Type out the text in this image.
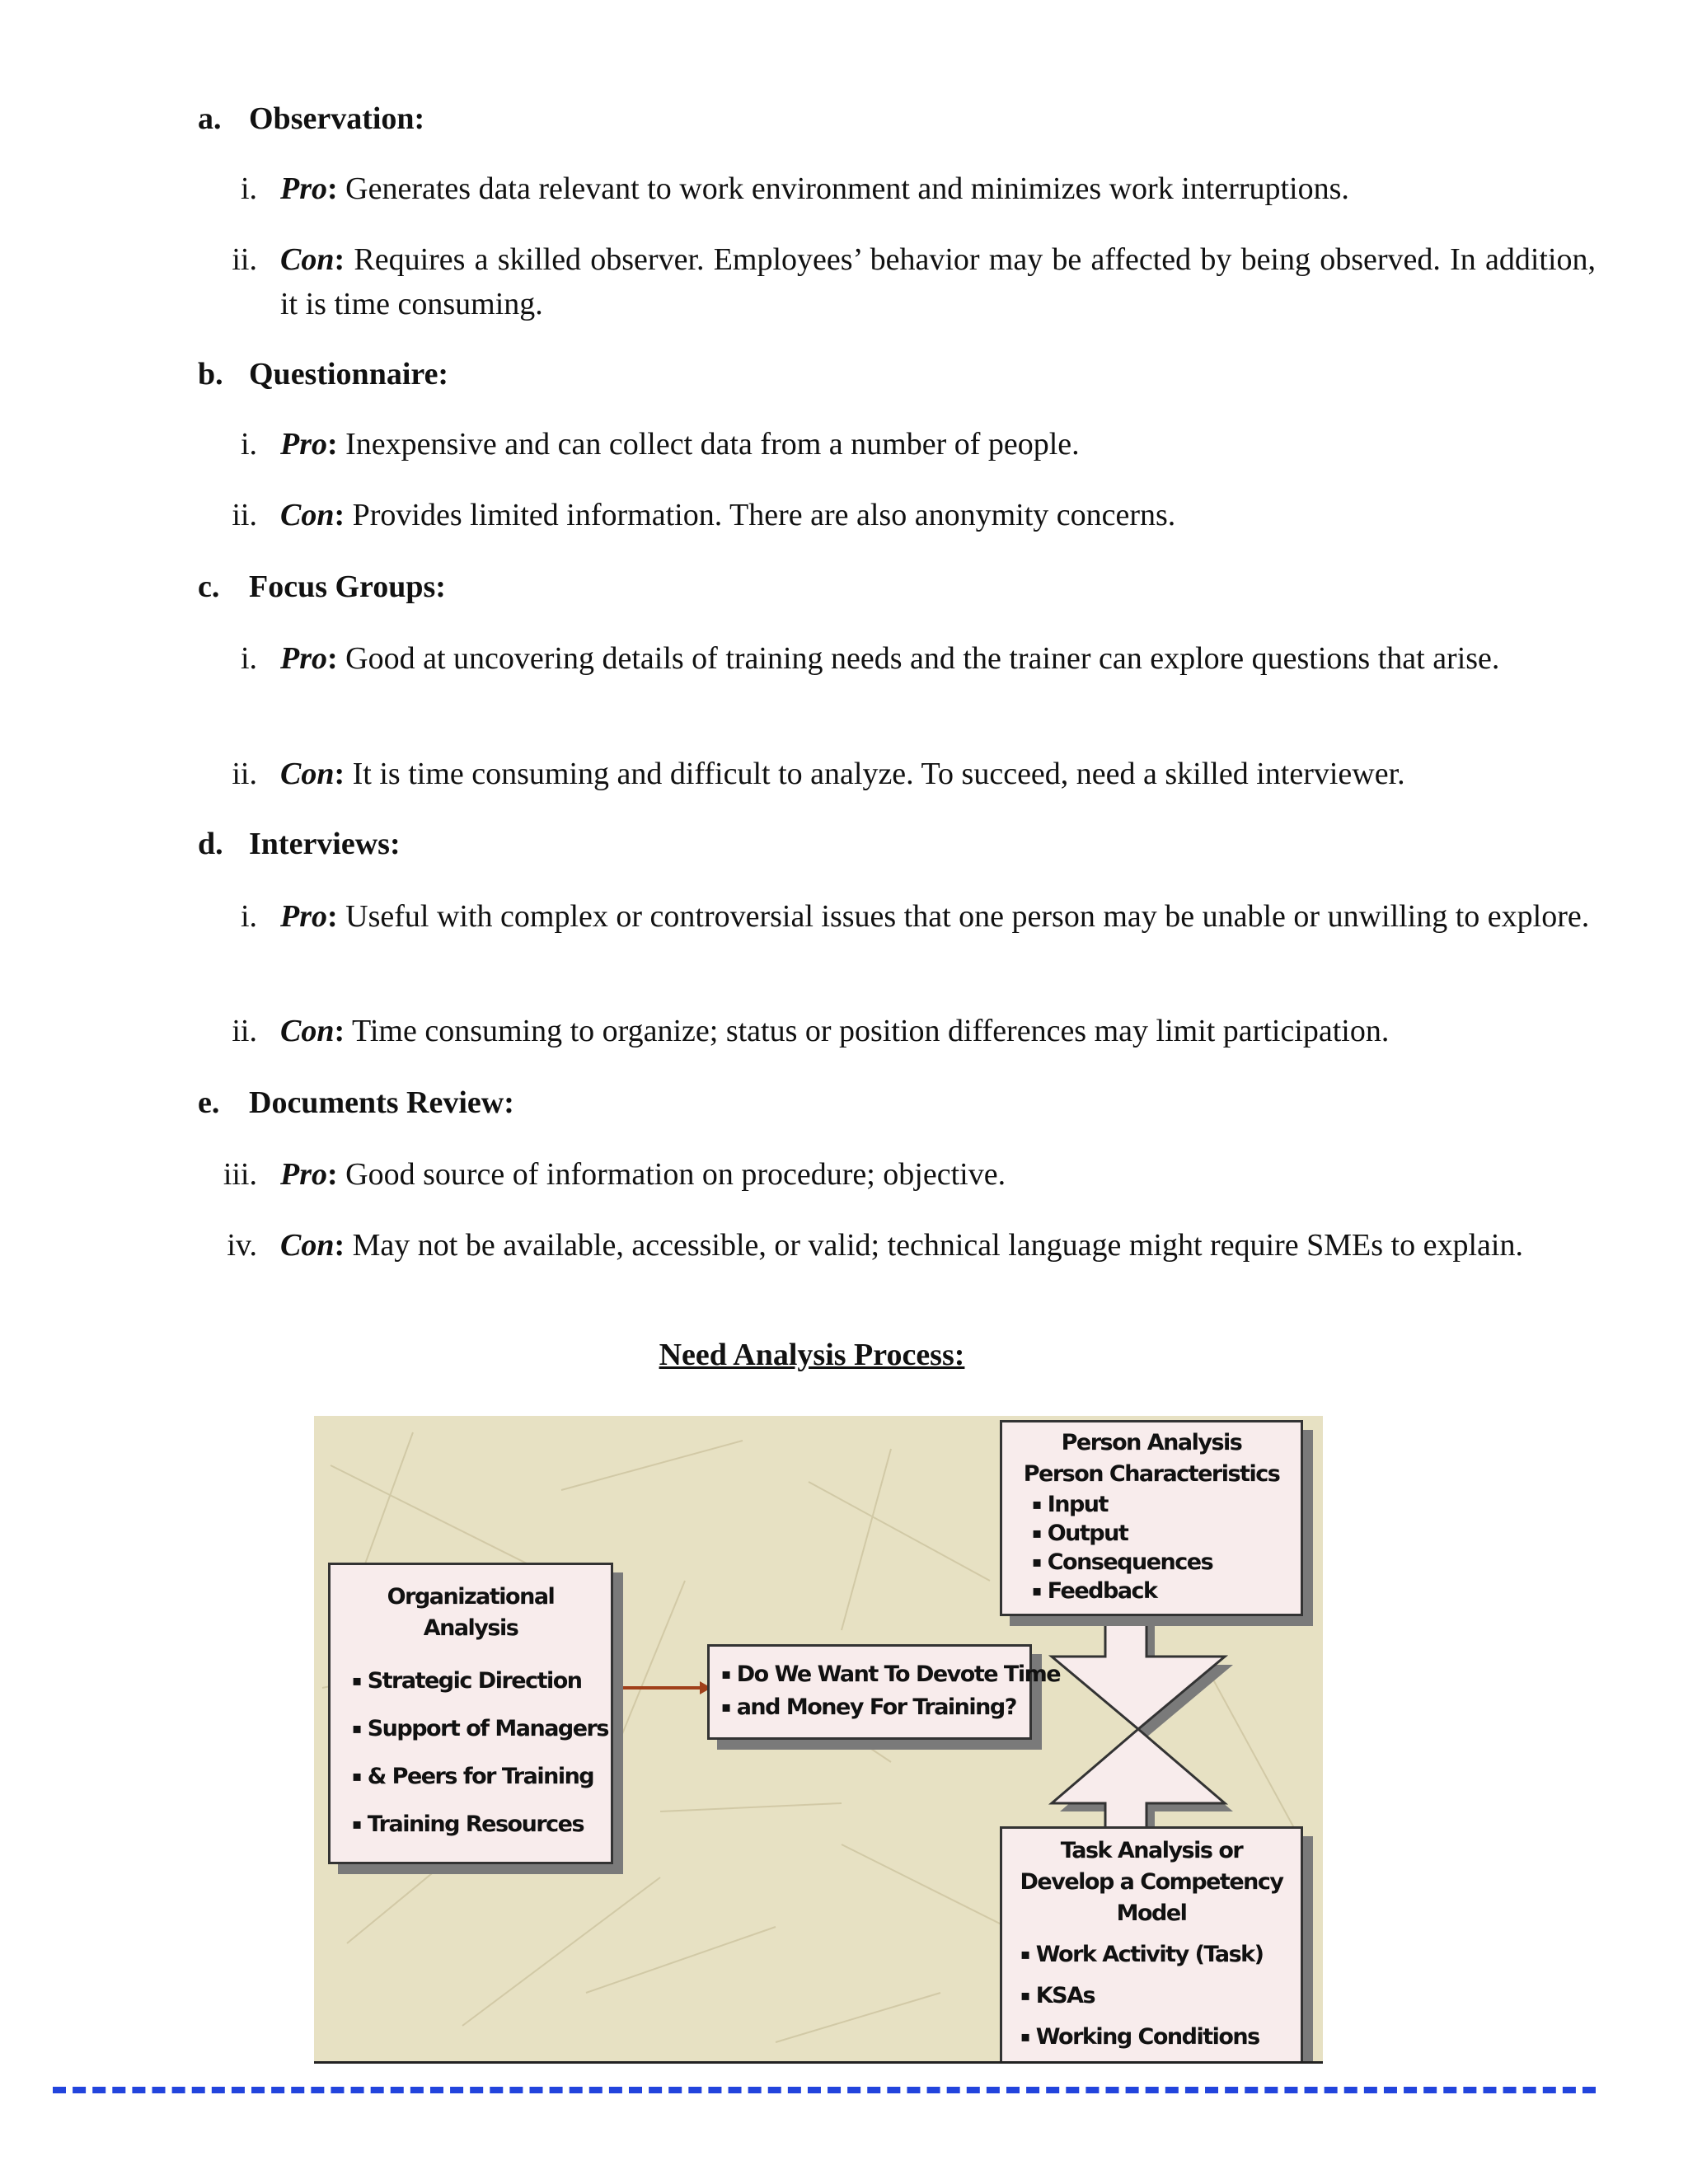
a. Observation:
i. Pro: Generates data relevant to work environment and minimizes work interruptions.
ii. Con: Requires a skilled observer. Employees’ behavior may be affected by being observed. In addition, it is time consuming.
b. Questionnaire:
i. Pro: Inexpensive and can collect data from a number of people.
ii. Con: Provides limited information. There are also anonymity concerns.
c. Focus Groups:
i. Pro: Good at uncovering details of training needs and the trainer can explore questions that arise.
ii. Con: It is time consuming and difficult to analyze. To succeed, need a skilled interviewer.
d. Interviews:
i. Pro: Useful with complex or controversial issues that one person may be unable or unwilling to explore.
ii. Con: Time consuming to organize; status or position differences may limit participation.
e. Documents Review:
iii. Pro: Good source of information on procedure; objective.
iv. Con: May not be available, accessible, or valid; technical language might require SMEs to explain.
Need Analysis Process:
Organizational
Analysis
▪ Strategic Direction
▪ Support of Managers
▪ & Peers for Training
▪ Training Resources
▪ Do We Want To Devote Time
▪ and Money For Training?
Person Analysis
Person Characteristics
▪ Input
▪ Output
▪ Consequences
▪ Feedback
Task Analysis or
Develop a Competency
Model
▪ Work Activity (Task)
▪ KSAs
▪ Working Conditions
